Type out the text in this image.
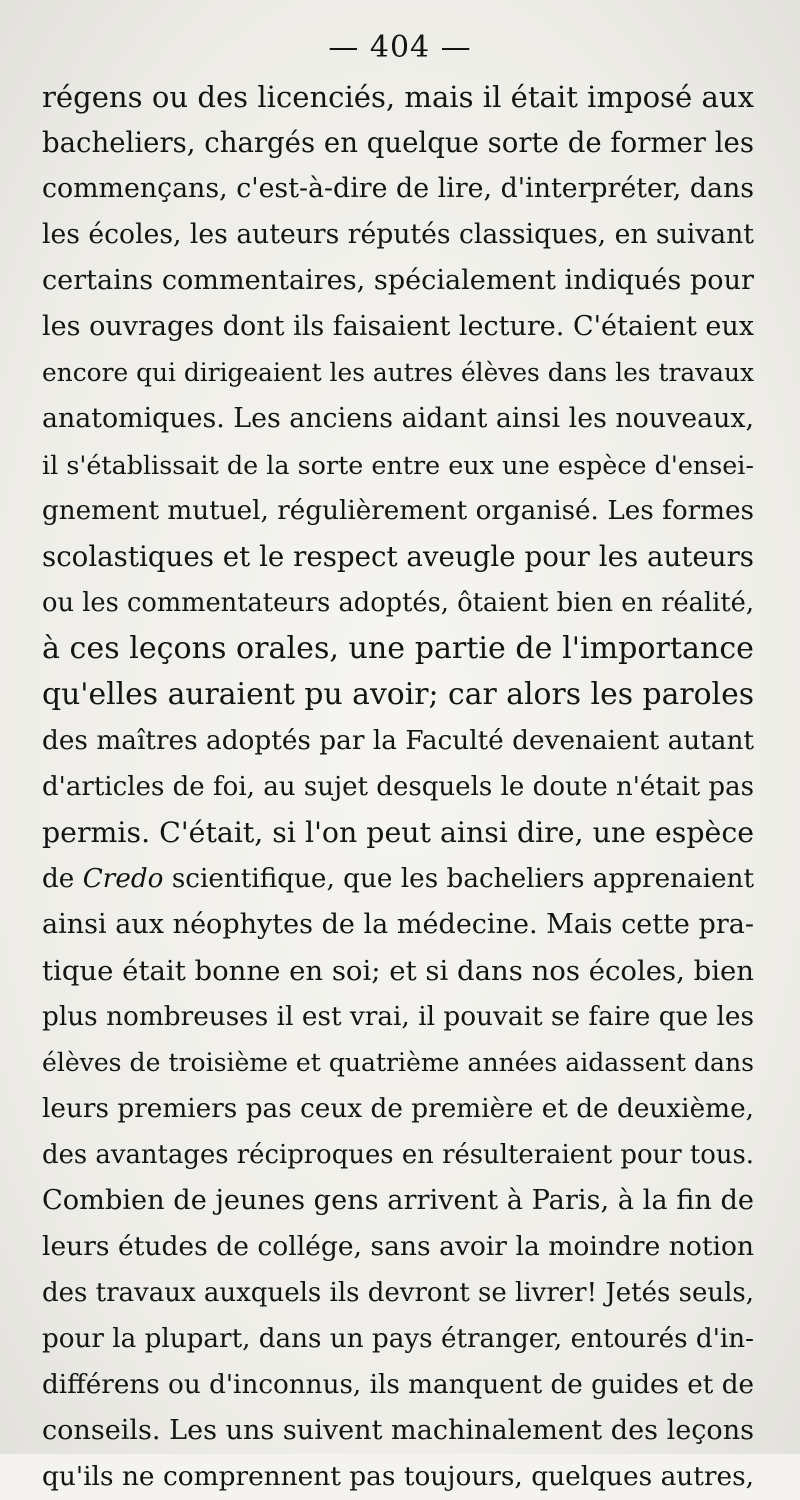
— 404 —
régens ou des licenciés, mais il était imposé aux
bacheliers, chargés en quelque sorte de former les
commençans, c'est-à-dire de lire, d'interpréter, dans
les écoles, les auteurs réputés classiques, en suivant
certains commentaires, spécialement indiqués pour
les ouvrages dont ils faisaient lecture. C'étaient eux
encore qui dirigeaient les autres élèves dans les travaux
anatomiques. Les anciens aidant ainsi les nouveaux,
il s'établissait de la sorte entre eux une espèce d'ensei-
gnement mutuel, régulièrement organisé. Les formes
scolastiques et le respect aveugle pour les auteurs
ou les commentateurs adoptés, ôtaient bien en réalité,
à ces leçons orales, une partie de l'importance
qu'elles auraient pu avoir; car alors les paroles
des maîtres adoptés par la Faculté devenaient autant
d'articles de foi, au sujet desquels le doute n'était pas
permis. C'était, si l'on peut ainsi dire, une espèce
de Credo scientifique, que les bacheliers apprenaient
ainsi aux néophytes de la médecine. Mais cette pra-
tique était bonne en soi; et si dans nos écoles, bien
plus nombreuses il est vrai, il pouvait se faire que les
élèves de troisième et quatrième années aidassent dans
leurs premiers pas ceux de première et de deuxième,
des avantages réciproques en résulteraient pour tous.
Combien de jeunes gens arrivent à Paris, à la fin de
leurs études de collége, sans avoir la moindre notion
des travaux auxquels ils devront se livrer! Jetés seuls,
pour la plupart, dans un pays étranger, entourés d'in-
différens ou d'inconnus, ils manquent de guides et de
conseils. Les uns suivent machinalement des leçons
qu'ils ne comprennent pas toujours, quelques autres,
